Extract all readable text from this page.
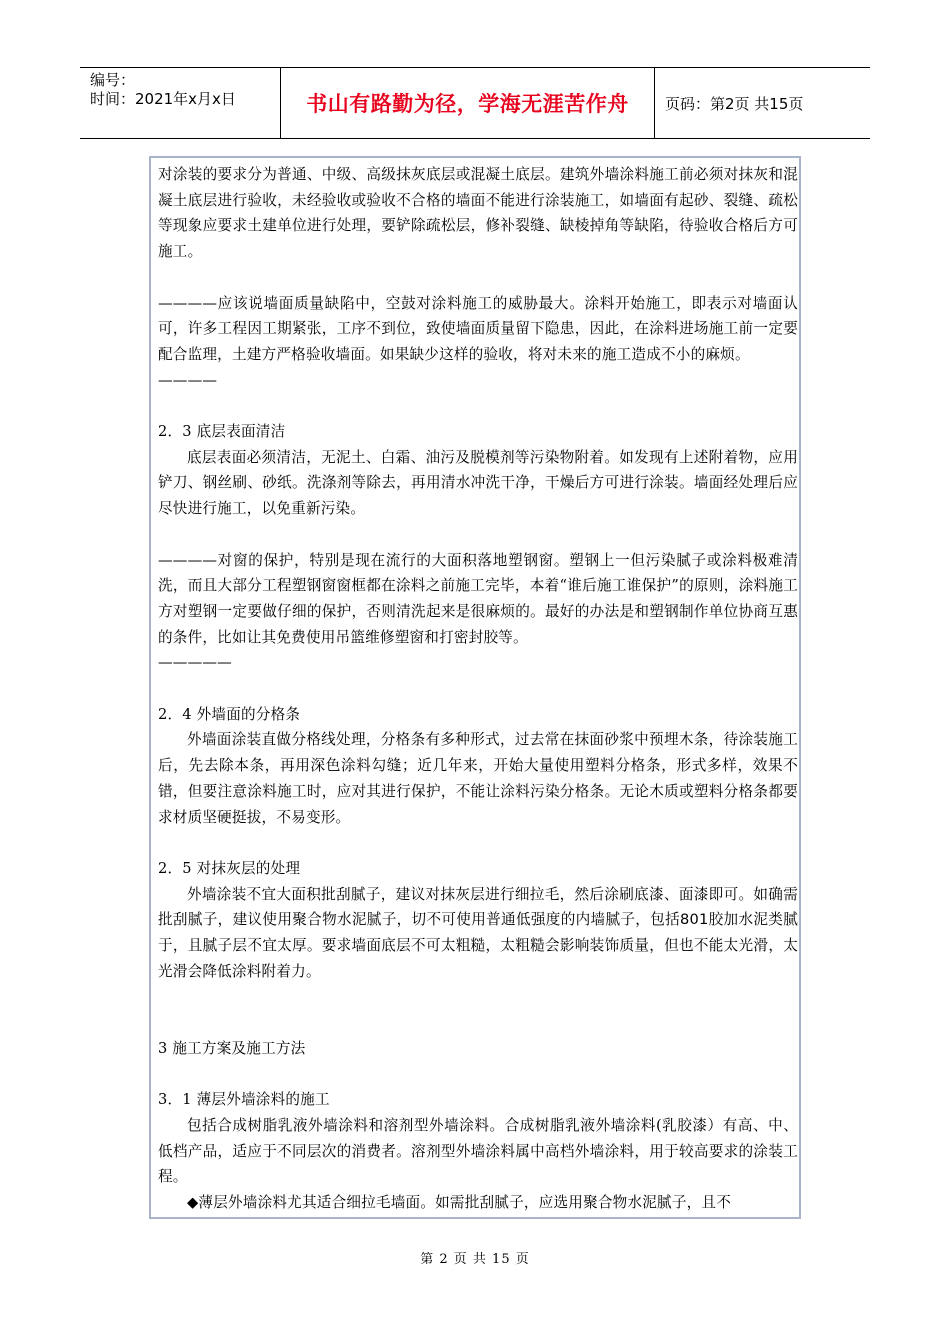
编号：
时间：2021年x月x日	书山有路勤为径，学海无涯苦作舟	页码：第2页 共15页

对涂装的要求分为普通、中级、高级抹灰底层或混凝土底层。建筑外墙涂料施工前必须对抹灰和混凝土底层进行验收，未经验收或验收不合格的墙面不能进行涂装施工，如墙面有起砂、裂缝、疏松等现象应要求土建单位进行处理，要铲除疏松层，修补裂缝、缺棱掉角等缺陷，待验收合格后方可施工。

————应该说墙面质量缺陷中，空鼓对涂料施工的威胁最大。涂料开始施工，即表示对墙面认可，许多工程因工期紧张，工序不到位，致使墙面质量留下隐患，因此，在涂料进场施工前一定要配合监理，土建方严格验收墙面。如果缺少这样的验收，将对未来的施工造成不小的麻烦。

————

2．3 底层表面清洁

底层表面必须清洁，无泥土、白霜、油污及脱模剂等污染物附着。如发现有上述附着物，应用铲刀、钢丝刷、砂纸。洗涤剂等除去，再用清水冲洗干净，干燥后方可进行涂装。墙面经处理后应尽快进行施工，以免重新污染。

————对窗的保护，特别是现在流行的大面积落地塑钢窗。塑钢上一但污染腻子或涂料极难清洗，而且大部分工程塑钢窗窗框都在涂料之前施工完毕，本着“谁后施工谁保护”的原则，涂料施工方对塑钢一定要做仔细的保护，否则清洗起来是很麻烦的。最好的办法是和塑钢制作单位协商互惠的条件，比如让其免费使用吊篮维修塑窗和打密封胶等。

—————

2．4 外墙面的分格条

外墙面涂装直做分格线处理，分格条有多种形式，过去常在抹面砂浆中预埋木条，待涂装施工后，先去除本条，再用深色涂料勾缝；近几年来，开始大量使用塑料分格条，形式多样，效果不错，但要注意涂料施工时，应对其进行保护，不能让涂料污染分格条。无论木质或塑料分格条都要求材质坚硬挺拔，不易变形。

2．5 对抹灰层的处理

外墙涂装不宜大面积批刮腻子，建议对抹灰层进行细拉毛，然后涂刷底漆、面漆即可。如确需批刮腻子，建议使用聚合物水泥腻子，切不可使用普通低强度的内墙腻子，包括801胶加水泥类腻于，且腻子层不宜太厚。要求墙面底层不可太粗糙，太粗糙会影响装饰质量，但也不能太光滑，太光滑会降低涂料附着力。

3 施工方案及施工方法

3．1 薄层外墙涂料的施工

包括合成树脂乳液外墙涂料和溶剂型外墙涂料。合成树脂乳液外墙涂料(乳胶漆）有高、中、低档产品，适应于不同层次的消费者。溶剂型外墙涂料属中高档外墙涂料，用于较高要求的涂装工程。

◆薄层外墙涂料尤其适合细拉毛墙面。如需批刮腻子，应选用聚合物水泥腻子，且不

第 2 页 共 15 页
